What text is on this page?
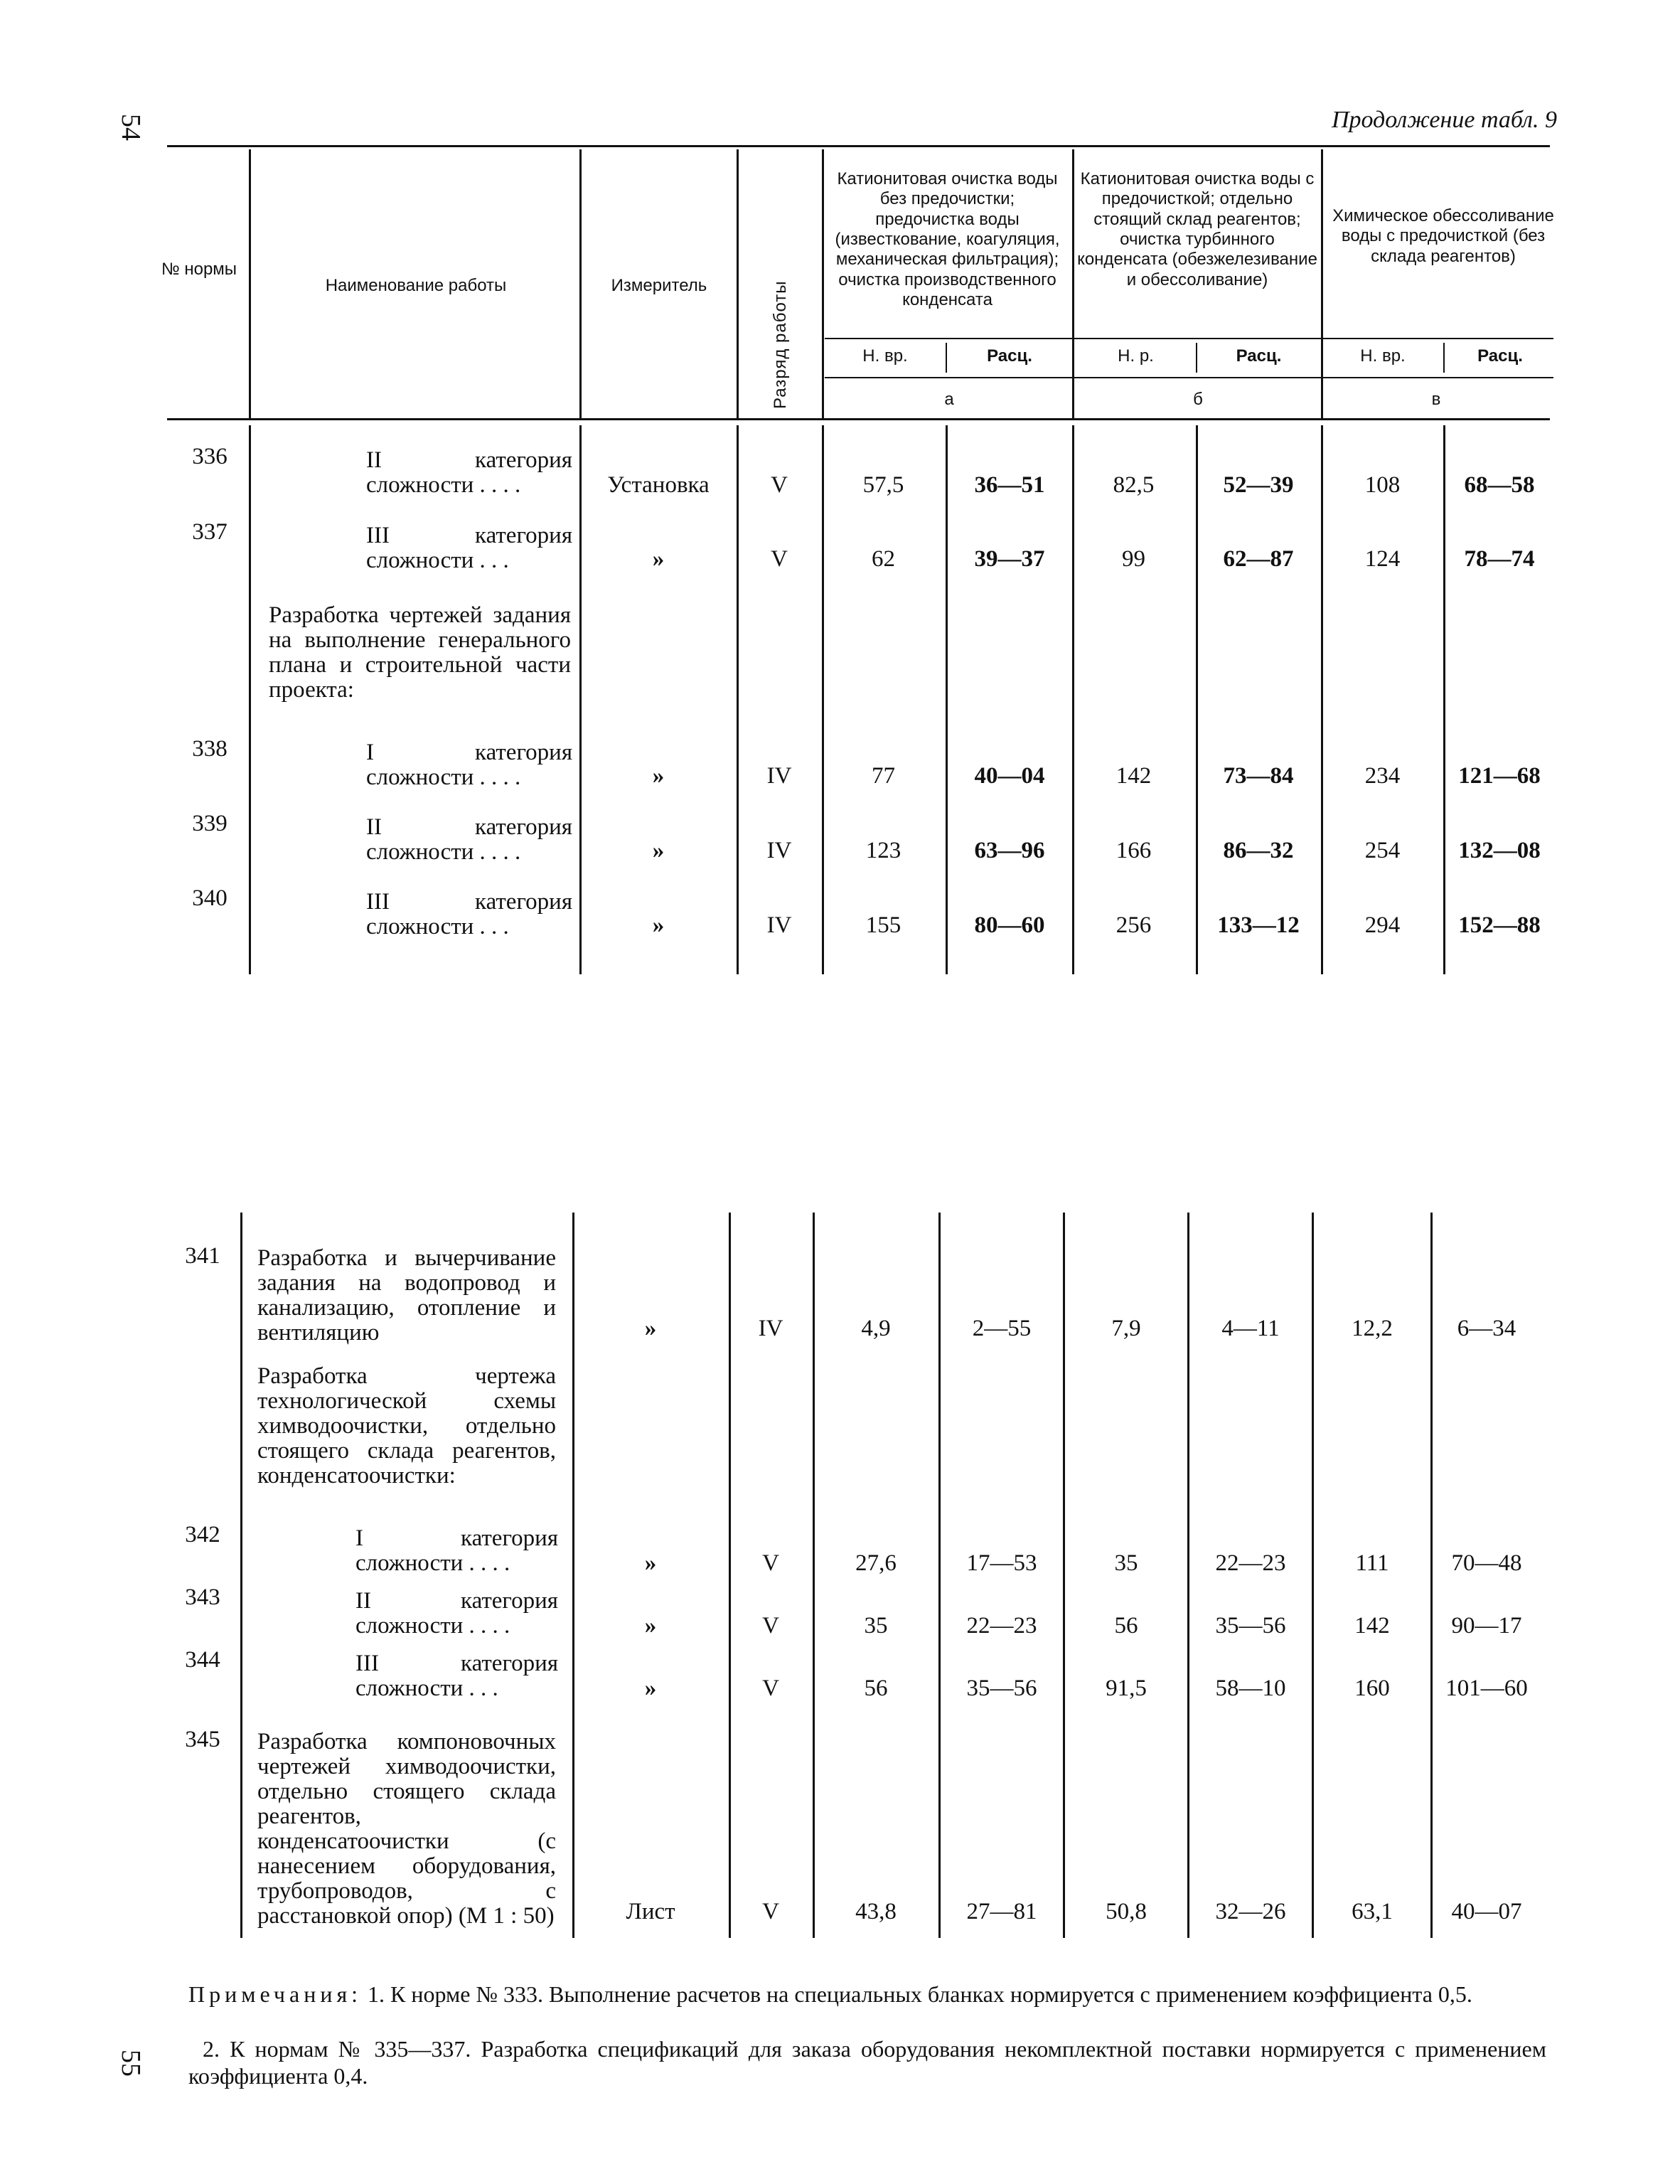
54
55
Продолжение табл. 9
№ нормы
Наименование работы	Измеритель	Разряд работы
Катионитовая очистка воды без предочистки; предочистка воды (известкование, коагуляция, механическая фильтрация); очистка производственного конденсата
Катионитовая очистка воды с предочисткой; отдельно стоящий склад реагентов; очистка турбинного конденсата (обезжелезивание и обессоливание)
Химическое обессоливание воды с предочисткой (без склада реагентов)
Н. вр.	Расц.	Н. р.	Расц.	Н. вр.	Расц.
а	б	в
336	II категория сложности . . . .	Установка	V	57,5	36—51	82,5	52—39	108	68—58
337	III категория сложности . . .	»	V	62	39—37	99	62—87	124	78—74
Разработка чертежей задания на выполнение генерального плана и строительной части проекта:
338	I категория сложности . . . .	»	IV	77	40—04	142	73—84	234	121—68
339	II категория сложности . . . .	»	IV	123	63—96	166	86—32	254	132—08
340	III категория сложности . . .	»	IV	155	80—60	256	133—12	294	152—88
341	Разработка и вычерчивание задания на водопровод и канализацию, отопление и вентиляцию	»	IV	4,9	2—55	7,9	4—11	12,2	6—34
Разработка чертежа технологической схемы химводоочистки, отдельно стоящего склада реагентов, конденсатоочистки:
342	I категория сложности . . . .	»	V	27,6	17—53	35	22—23	111	70—48
343	II категория сложности . . . .	»	V	35	22—23	56	35—56	142	90—17
344	III категория сложности . . .	»	V	56	35—56	91,5	58—10	160	101—60
345	Разработка компоновочных чертежей химводоочистки, отдельно стоящего склада реагентов, конденсатоочистки (с нанесением оборудования, трубопроводов, с расстановкой опор) (М 1 : 50)	Лист	V	43,8	27—81	50,8	32—26	63,1	40—07
Примечания: 1. К норме № 333. Выполнение расчетов на специальных бланках нормируется с применением коэффициента 0,5.
2. К нормам № 335—337. Разработка спецификаций для заказа оборудования некомплектной поставки нормируется с применением коэффициента 0,4.
